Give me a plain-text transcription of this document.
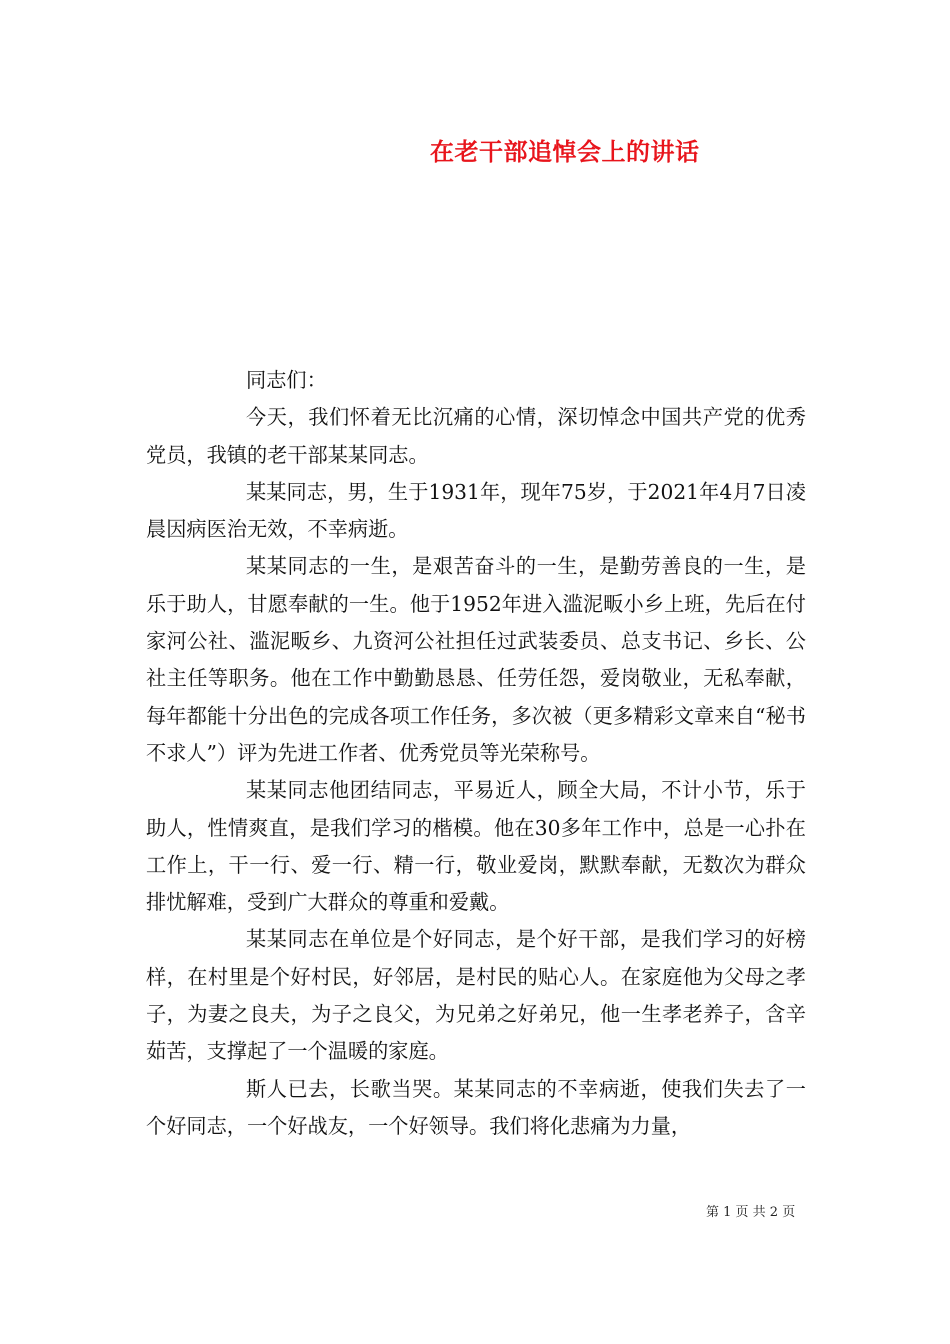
在老干部追悼会上的讲话

同志们：

今天，我们怀着无比沉痛的心情，深切悼念中国共产党的优秀党员，我镇的老干部某某同志。

某某同志，男，生于1931年，现年75岁，于2021年4月7日凌晨因病医治无效，不幸病逝。

某某同志的一生，是艰苦奋斗的一生，是勤劳善良的一生，是乐于助人，甘愿奉献的一生。他于1952年进入滥泥畈小乡上班，先后在付家河公社、滥泥畈乡、九资河公社担任过武装委员、总支书记、乡长、公社主任等职务。他在工作中勤勤恳恳、任劳任怨，爱岗敬业，无私奉献，每年都能十分出色的完成各项工作任务，多次被（更多精彩文章来自“秘书不求人”）评为先进工作者、优秀党员等光荣称号。

某某同志他团结同志，平易近人，顾全大局，不计小节，乐于助人，性情爽直，是我们学习的楷模。他在30多年工作中，总是一心扑在工作上，干一行、爱一行、精一行，敬业爱岗，默默奉献，无数次为群众排忧解难，受到广大群众的尊重和爱戴。

某某同志在单位是个好同志，是个好干部，是我们学习的好榜样，在村里是个好村民，好邻居，是村民的贴心人。在家庭他为父母之孝子，为妻之良夫，为子之良父，为兄弟之好弟兄，他一生孝老养子，含辛茹苦，支撑起了一个温暖的家庭。

斯人已去，长歌当哭。某某同志的不幸病逝，使我们失去了一个好同志，一个好战友，一个好领导。我们将化悲痛为力量，

第 1 页 共 2 页
